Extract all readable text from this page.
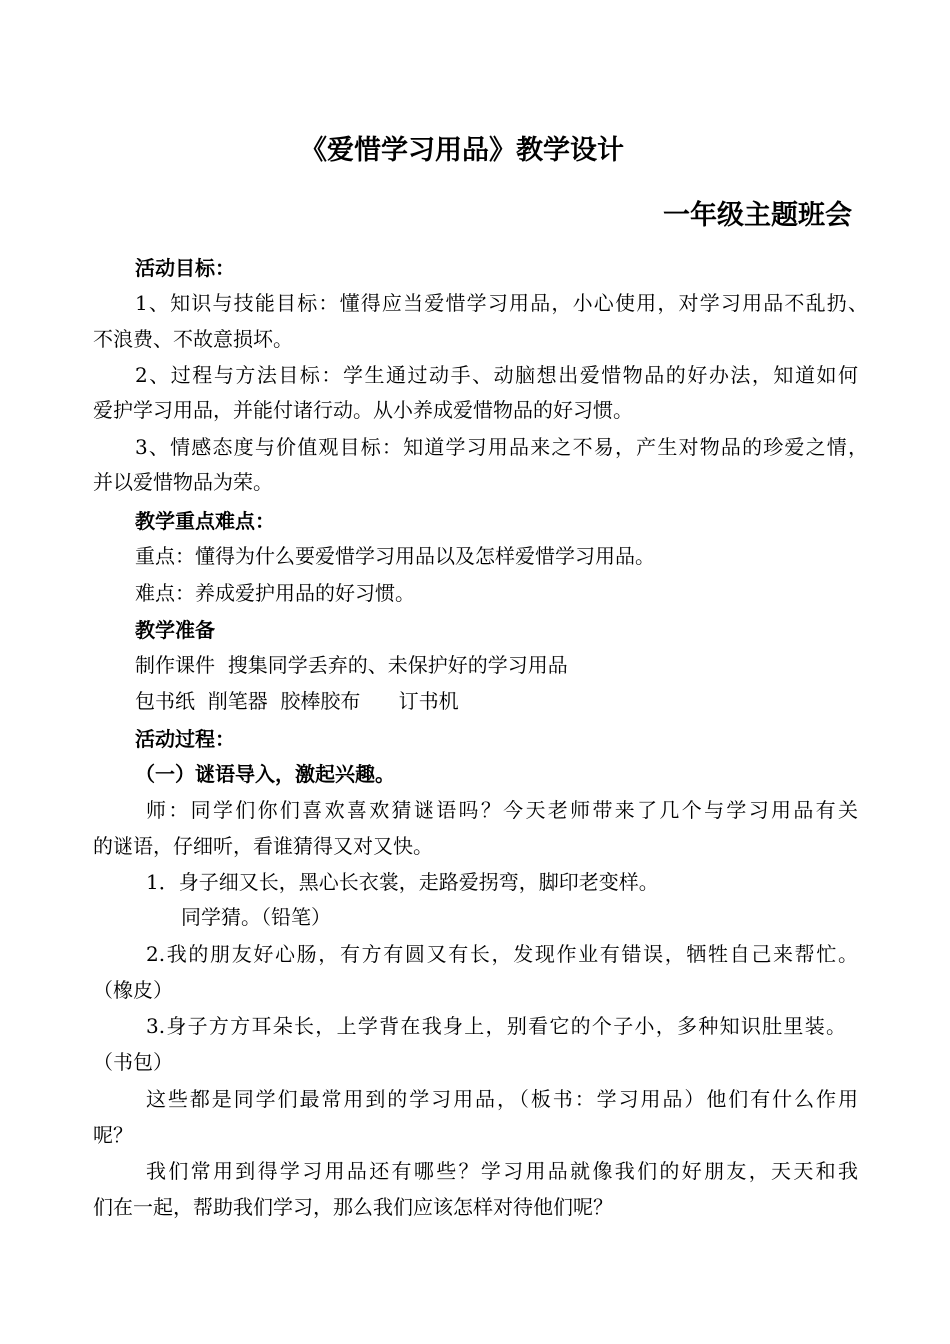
《爱惜学习用品》教学设计

一年级主题班会

活动目标：

1、知识与技能目标：懂得应当爱惜学习用品，小心使用，对学习用品不乱扔、

不浪费、不故意损坏。

2、过程与方法目标：学生通过动手、动脑想出爱惜物品的好办法，知道如何

爱护学习用品，并能付诸行动。从小养成爱惜物品的好习惯。

3、情感态度与价值观目标：知道学习用品来之不易，产生对物品的珍爱之情，

并以爱惜物品为荣。

教学重点难点：

重点：懂得为什么要爱惜学习用品以及怎样爱惜学习用品。

难点：养成爱护用品的好习惯。

教学准备

制作课件  搜集同学丢弃的、未保护好的学习用品

包书纸  削笔器  胶棒胶布      订书机

活动过程：

（一）谜语导入，激起兴趣。

师：同学们你们喜欢喜欢猜谜语吗？今天老师带来了几个与学习用品有关

的谜语，仔细听，看谁猜得又对又快。

1．身子细又长，黑心长衣裳，走路爱拐弯，脚印老变样。

同学猜。（铅笔）

2.我的朋友好心肠，有方有圆又有长，发现作业有错误，牺牲自己来帮忙。

（橡皮）

3.身子方方耳朵长，上学背在我身上，别看它的个子小，多种知识肚里装。

（书包）

这些都是同学们最常用到的学习用品，（板书：学习用品）他们有什么作用

呢？

我们常用到得学习用品还有哪些？学习用品就像我们的好朋友，天天和我

们在一起，帮助我们学习，那么我们应该怎样对待他们呢？
